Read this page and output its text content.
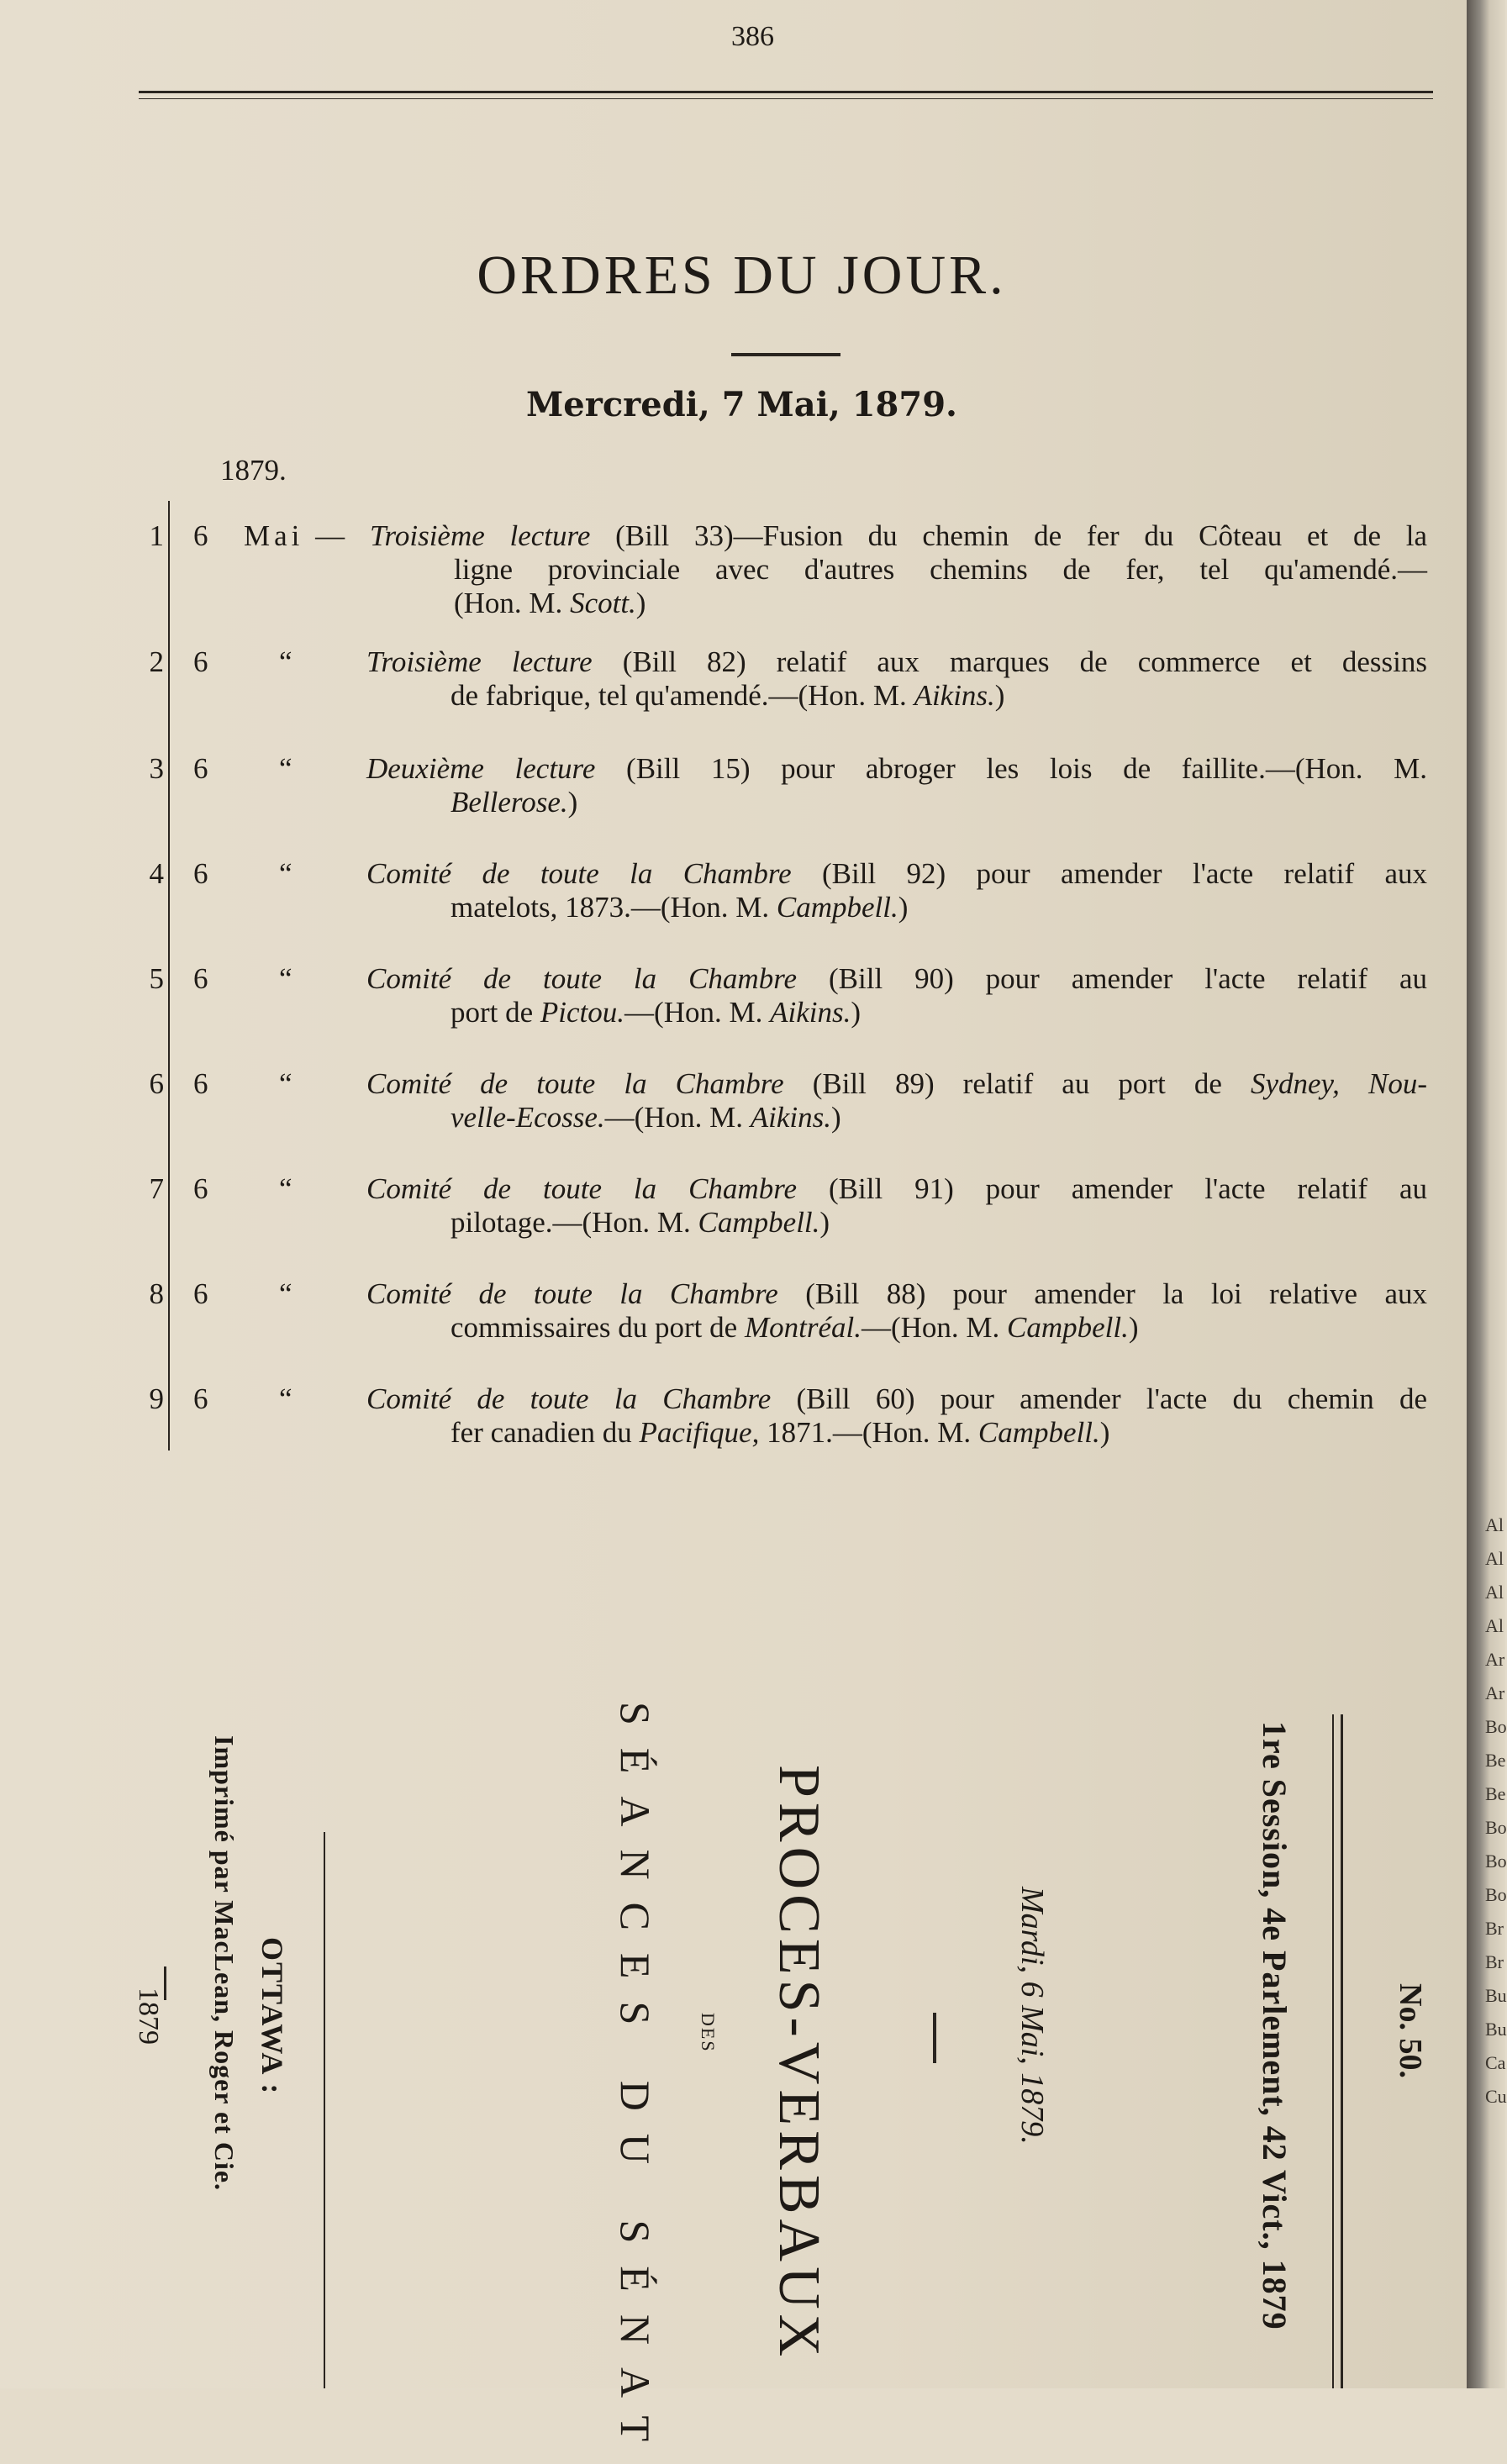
Al
Al
Al
Al
Ar
Ar
Bo
Be
Be
Bo
Bo
Bo
Br
Br
Bu
Bu
Ca
Cu
386
ORDRES DU JOUR.
Mercredi, 7 Mai, 1879.
1879.
1 6 Mai — Troisième lecture (Bill 33)—Fusion du chemin de fer du Côteau et de la
ligne provinciale avec d'autres chemins de fer, tel qu'amendé.—
(Hon. M. Scott.)
2 6 “	Troisième lecture (Bill 82) relatif aux marques de commerce et dessins
de fabrique, tel qu'amendé.—(Hon. M. Aikins.)
3 6 “	Deuxième lecture (Bill 15) pour abroger les lois de faillite.—(Hon. M.
Bellerose.)
4 6 “	Comité de toute la Chambre (Bill 92) pour amender l'acte relatif aux
matelots, 1873.—(Hon. M. Campbell.)
5 6 “	Comité de toute la Chambre (Bill 90) pour amender l'acte relatif au
port de Pictou.—(Hon. M. Aikins.)
6 6 “	Comité de toute la Chambre (Bill 89) relatif au port de Sydney, Nou-
velle-Ecosse.—(Hon. M. Aikins.)
7 6 “	Comité de toute la Chambre (Bill 91) pour amender l'acte relatif au
pilotage.—(Hon. M. Campbell.)
8 6 “	Comité de toute la Chambre (Bill 88) pour amender la loi relative aux
commissaires du port de Montréal.—(Hon. M. Campbell.)
9 6 “	Comité de toute la Chambre (Bill 60) pour amender l'acte du chemin de
fer canadien du Pacifique, 1871.—(Hon. M. Campbell.)
No. 50.
1re Session, 4e Parlement, 42 Vict., 1879
Mardi, 6 Mai, 1879.
PROCES-VERBAUX
DES
SÉANCES DU SÉNAT
OTTAWA :
Imprimé par MacLean, Roger et Cie.
1879
